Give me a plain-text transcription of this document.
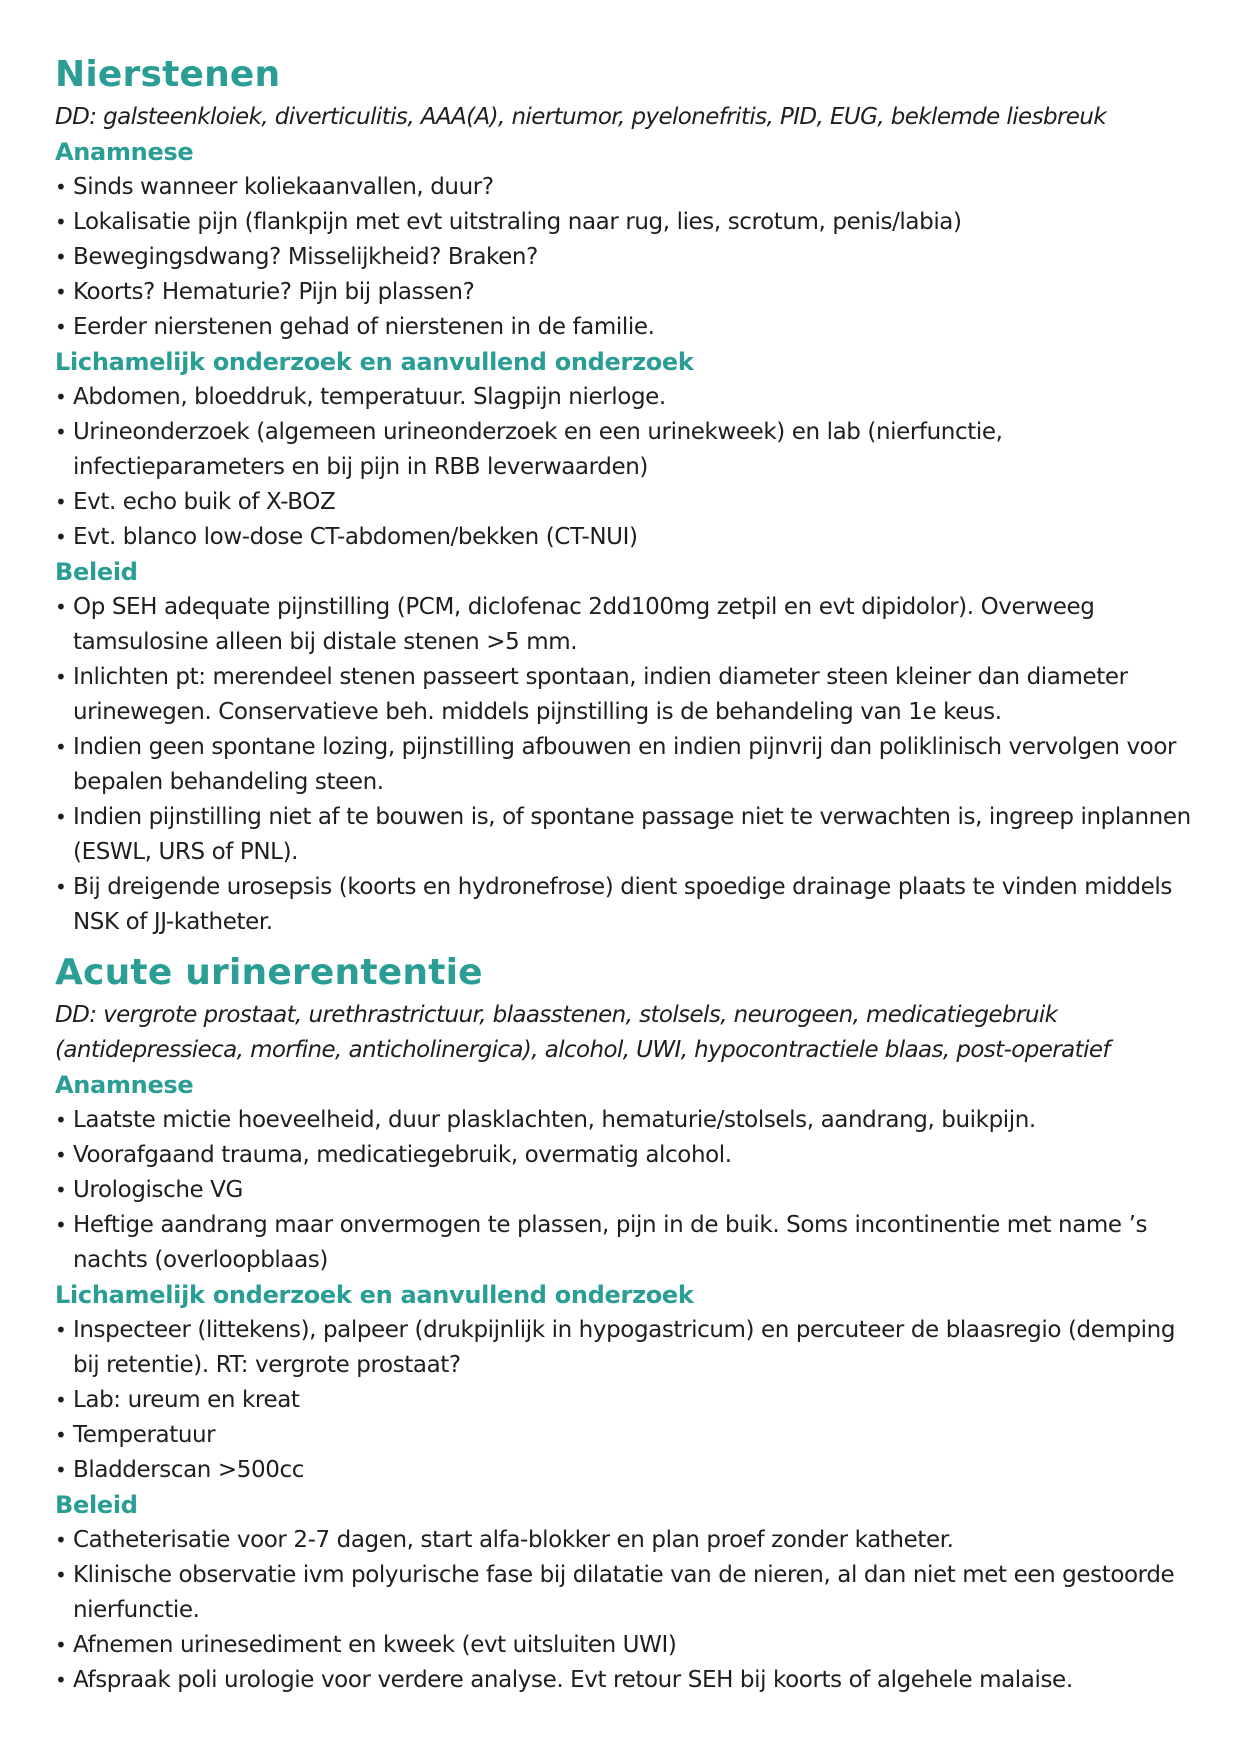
Nierstenen

DD: galsteenkloiek, diverticulitis, AAA(A), niertumor, pyelonefritis, PID, EUG, beklemde liesbreuk

Anamnese
• Sinds wanneer koliekaanvallen, duur?
• Lokalisatie pijn (flankpijn met evt uitstraling naar rug, lies, scrotum, penis/labia)
• Bewegingsdwang? Misselijkheid? Braken?
• Koorts? Hematurie? Pijn bij plassen?
• Eerder nierstenen gehad of nierstenen in de familie.
Lichamelijk onderzoek en aanvullend onderzoek
• Abdomen, bloeddruk, temperatuur. Slagpijn nierloge.
• Urineonderzoek (algemeen urineonderzoek en een urinekweek) en lab (nierfunctie, infectieparameters en bij pijn in RBB leverwaarden)
• Evt. echo buik of X-BOZ
• Evt. blanco low-dose CT-abdomen/bekken (CT-NUI)
Beleid
• Op SEH adequate pijnstilling (PCM, diclofenac 2dd100mg zetpil en evt dipidolor). Overweeg tamsulosine alleen bij distale stenen >5 mm.
• Inlichten pt: merendeel stenen passeert spontaan, indien diameter steen kleiner dan diameter urinewegen. Conservatieve beh. middels pijnstilling is de behandeling van 1e keus.
• Indien geen spontane lozing, pijnstilling afbouwen en indien pijnvrij dan poliklinisch vervolgen voor bepalen behandeling steen.
• Indien pijnstilling niet af te bouwen is, of spontane passage niet te verwachten is, ingreep inplannen (ESWL, URS of PNL).
• Bij dreigende urosepsis (koorts en hydronefrose) dient spoedige drainage plaats te vinden middels NSK of JJ-katheter.
Acute urinerententie

DD: vergrote prostaat, urethrastrictuur, blaasstenen, stolsels, neurogeen, medicatiegebruik (antidepressieca, morfine, anticholinergica), alcohol, UWI, hypocontractiele blaas, post-operatief

Anamnese
• Laatste mictie hoeveelheid, duur plasklachten, hematurie/stolsels, aandrang, buikpijn.
• Voorafgaand trauma, medicatiegebruik, overmatig alcohol.
• Urologische VG
• Heftige aandrang maar onvermogen te plassen, pijn in de buik. Soms incontinentie met name ’s nachts (overloopblaas)
Lichamelijk onderzoek en aanvullend onderzoek
• Inspecteer (littekens), palpeer (drukpijnlijk in hypogastricum) en percuteer de blaasregio (demping bij retentie). RT: vergrote prostaat?
• Lab: ureum en kreat
• Temperatuur
• Bladderscan >500cc
Beleid
• Catheterisatie voor 2-7 dagen, start alfa-blokker en plan proef zonder katheter.
• Klinische observatie ivm polyurische fase bij dilatatie van de nieren, al dan niet met een gestoorde nierfunctie.
• Afnemen urinesediment en kweek (evt uitsluiten UWI)
• Afspraak poli urologie voor verdere analyse. Evt retour SEH bij koorts of algehele malaise.
